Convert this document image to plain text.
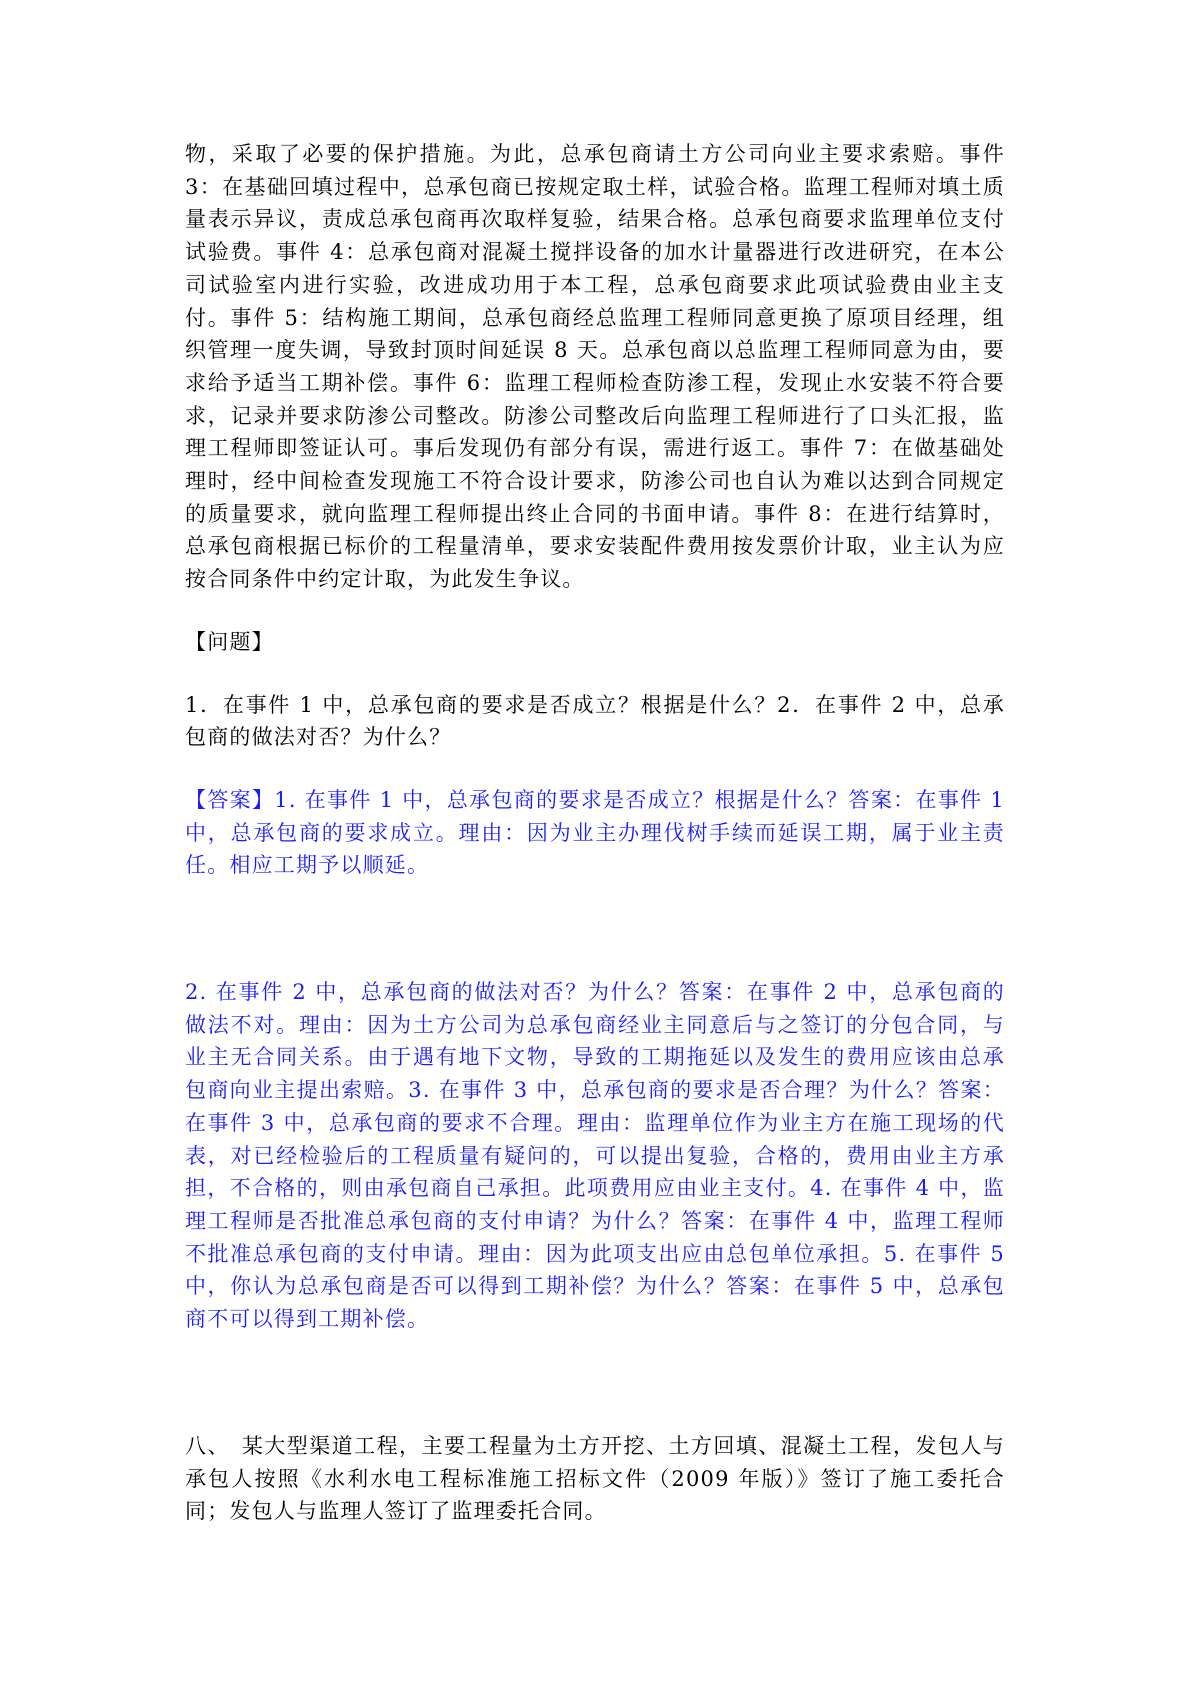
物，采取了必要的保护措施。为此，总承包商请土方公司向业主要求索赔。事件 3：在基础回填过程中，总承包商已按规定取土样，试验合格。监理工程师对填土质量表示异议，责成总承包商再次取样复验，结果合格。总承包商要求监理单位支付试验费。事件 4：总承包商对混凝土搅拌设备的加水计量器进行改进研究，在本公司试验室内进行实验，改进成功用于本工程，总承包商要求此项试验费由业主支付。事件 5：结构施工期间，总承包商经总监理工程师同意更换了原项目经理，组织管理一度失调，导致封顶时间延误 8 天。总承包商以总监理工程师同意为由，要求给予适当工期补偿。事件 6：监理工程师检查防渗工程，发现止水安装不符合要求，记录并要求防渗公司整改。防渗公司整改后向监理工程师进行了口头汇报，监理工程师即签证认可。事后发现仍有部分有误，需进行返工。事件 7：在做基础处理时，经中间检查发现施工不符合设计要求，防渗公司也自认为难以达到合同规定的质量要求，就向监理工程师提出终止合同的书面申请。事件 8：在进行结算时，总承包商根据已标价的工程量清单，要求安装配件费用按发票价计取，业主认为应按合同条件中约定计取，为此发生争议。

【问题】

1．在事件 1 中，总承包商的要求是否成立？根据是什么？2．在事件 2 中，总承包商的做法对否？为什么？

【答案】1. 在事件 1 中，总承包商的要求是否成立？根据是什么？答案：在事件 1 中，总承包商的要求成立。理由：因为业主办理伐树手续而延误工期，属于业主责任。相应工期予以顺延。

2. 在事件 2 中，总承包商的做法对否？为什么？答案：在事件 2 中，总承包商的做法不对。理由：因为土方公司为总承包商经业主同意后与之签订的分包合同，与业主无合同关系。由于遇有地下文物，导致的工期拖延以及发生的费用应该由总承包商向业主提出索赔。3. 在事件 3 中，总承包商的要求是否合理？为什么？答案：在事件 3 中，总承包商的要求不合理。理由：监理单位作为业主方在施工现场的代表，对已经检验后的工程质量有疑问的，可以提出复验，合格的，费用由业主方承担，不合格的，则由承包商自己承担。此项费用应由业主支付。4. 在事件 4 中，监理工程师是否批准总承包商的支付申请？为什么？答案：在事件 4 中，监理工程师不批准总承包商的支付申请。理由：因为此项支出应由总包单位承担。5. 在事件 5 中，你认为总承包商是否可以得到工期补偿？为什么？答案：在事件 5 中，总承包商不可以得到工期补偿。

八、　某大型渠道工程，主要工程量为土方开挖、土方回填、混凝土工程，发包人与承包人按照《水利水电工程标准施工招标文件（2009 年版）》签订了施工委托合同；发包人与监理人签订了监理委托合同。
